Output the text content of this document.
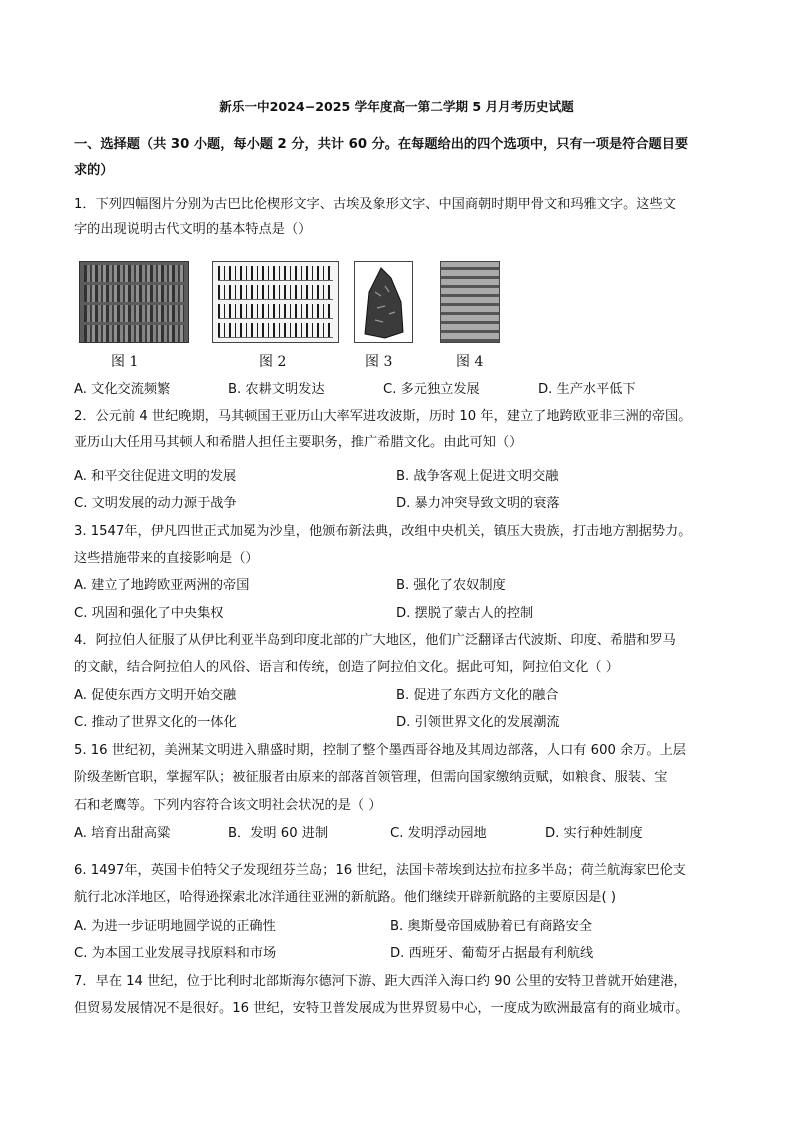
新乐一中2024−2025 学年度高一第二学期 5 月月考历史试题
一、选择题（共 30 小题，每小题 2 分，共计 60 分。在每题给出的四个选项中，只有一项是符合题目要
求的）
1．下列四幅图片分别为古巴比伦楔形文字、古埃及象形文字、中国商朝时期甲骨文和玛雅文字。这些文
字的出现说明古代文明的基本特点是（）
图 1	图 2	图 3	图 4
A. 文化交流频繁	B. 农耕文明发达	C. 多元独立发展	D. 生产水平低下
2．公元前 4 世纪晚期，马其顿国王亚历山大率军进攻波斯，历时 10 年，建立了地跨欧亚非三洲的帝国。
亚历山大任用马其顿人和希腊人担任主要职务，推广希腊文化。由此可知（）
A. 和平交往促进文明的发展	B. 战争客观上促进文明交融
C. 文明发展的动力源于战争	D. 暴力冲突导致文明的衰落
3. 1547年，伊凡四世正式加冕为沙皇，他颁布新法典，改组中央机关，镇压大贵族，打击地方割据势力。
这些措施带来的直接影响是（）
A. 建立了地跨欧亚两洲的帝国	B. 强化了农奴制度
C. 巩固和强化了中央集权	D. 摆脱了蒙古人的控制
4．阿拉伯人征服了从伊比利亚半岛到印度北部的广大地区，他们广泛翻译古代波斯、印度、希腊和罗马
的文献，结合阿拉伯人的风俗、语言和传统，创造了阿拉伯文化。据此可知，阿拉伯文化（ ）
A. 促使东西方文明开始交融	B. 促进了东西方文化的融合
C. 推动了世界文化的一体化	D. 引领世界文化的发展潮流
5. 16 世纪初，美洲某文明进入鼎盛时期，控制了整个墨西哥谷地及其周边部落，人口有 600 余万。上层
阶级垄断官职，掌握军队；被征服者由原来的部落首领管理，但需向国家缴纳贡赋，如粮食、服装、宝
石和老鹰等。下列内容符合该文明社会状况的是（ ）
A. 培育出甜高粱	B．发明 60 进制	C. 发明浮动园地	D. 实行种姓制度
6. 1497年，英国卡伯特父子发现纽芬兰岛；16 世纪，法国卡蒂埃到达拉布拉多半岛；荷兰航海家巴伦支
航行北冰洋地区，哈得逊探索北冰洋通往亚洲的新航路。他们继续开辟新航路的主要原因是( )
A. 为进一步证明地圆学说的正确性	B. 奥斯曼帝国威胁着已有商路安全
C. 为本国工业发展寻找原料和市场	D. 西班牙、葡萄牙占据最有利航线
7．早在 14 世纪，位于比利时北部斯海尔德河下游、距大西洋入海口约 90 公里的安特卫普就开始建港，
但贸易发展情况不是很好。16 世纪，安特卫普发展成为世界贸易中心，一度成为欧洲最富有的商业城市。
